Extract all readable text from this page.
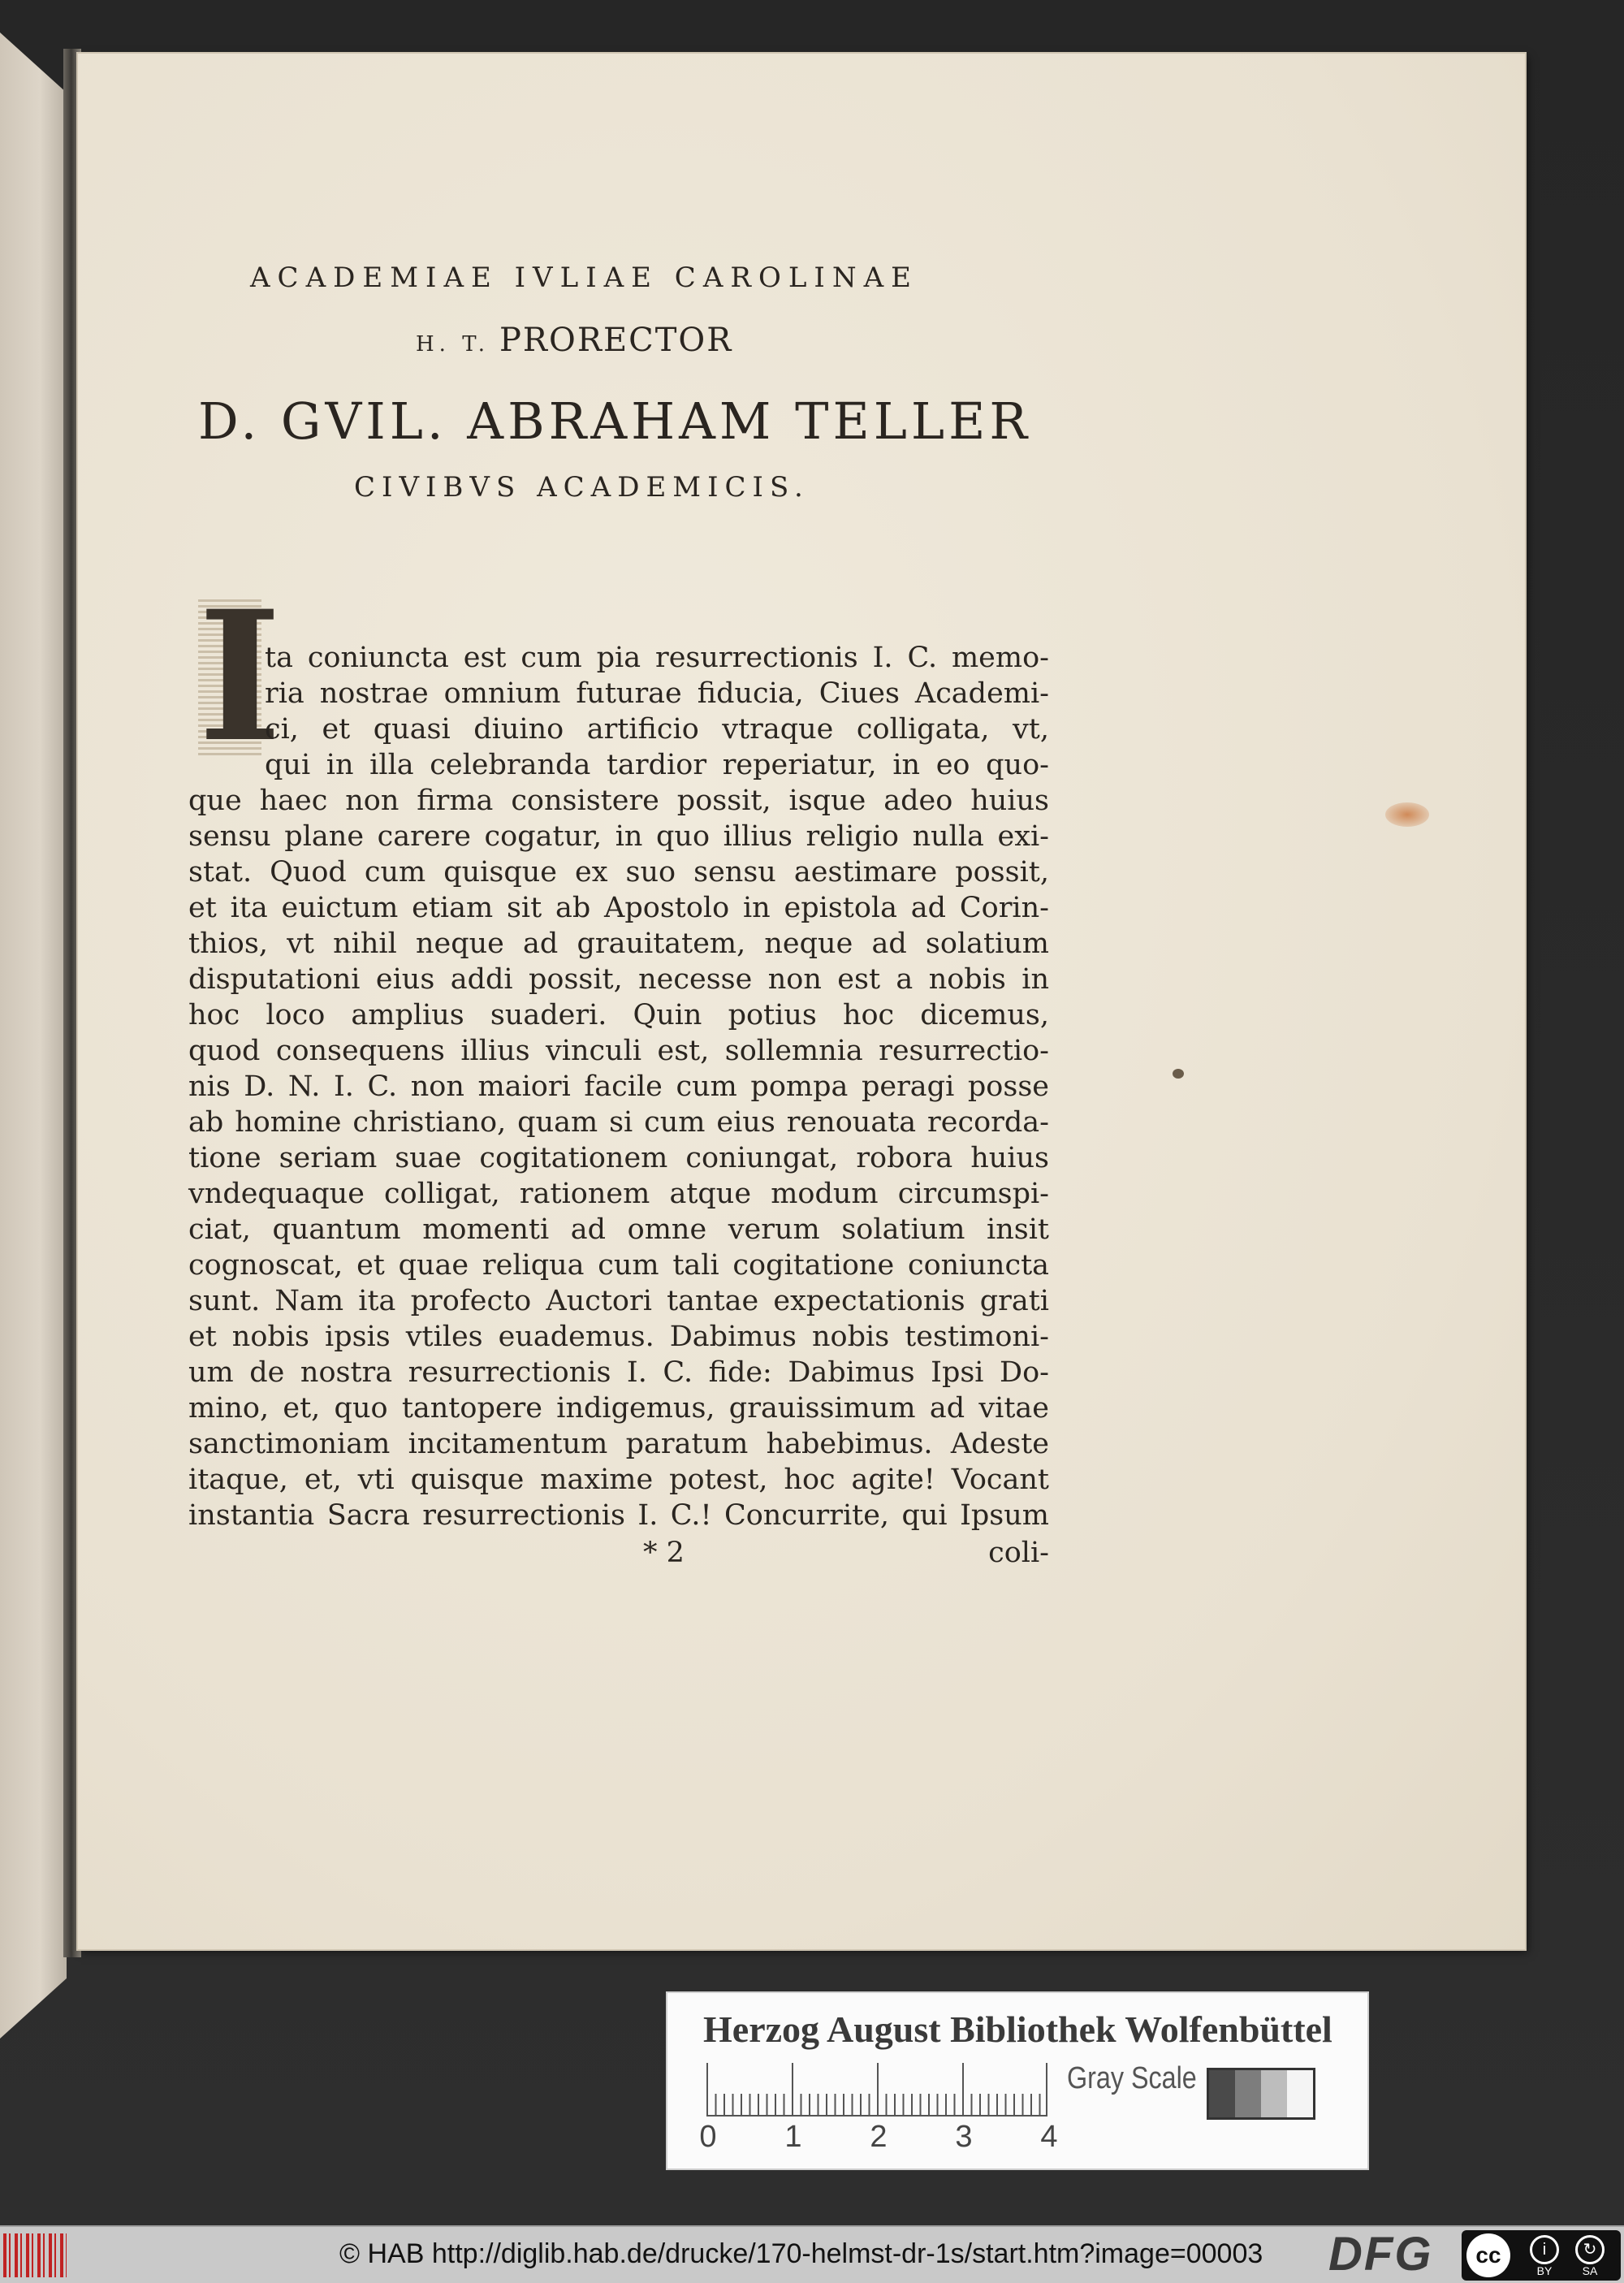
ACADEMIAE IVLIAE CAROLINAE
H. T. PRORECTOR
D. GVIL. ABRAHAM TELLER
CIVIBVS ACADEMICIS.
I
ta coniuncta est cum pia resurrectionis I. C. memo-
ria nostrae omnium futurae fiducia, Ciues Academi-
ci, et quasi diuino artificio vtraque colligata, vt,
qui in illa celebranda tardior reperiatur, in eo quo-
que haec non firma consistere possit, isque adeo huius
sensu plane carere cogatur, in quo illius religio nulla exi-
stat. Quod cum quisque ex suo sensu aestimare possit,
et ita euictum etiam sit ab Apostolo in epistola ad Corin-
thios, vt nihil neque ad grauitatem, neque ad solatium
disputationi eius addi possit, necesse non est a nobis in
hoc loco amplius suaderi. Quin potius hoc dicemus,
quod consequens illius vinculi est, sollemnia resurrectio-
nis D. N. I. C. non maiori facile cum pompa peragi posse
ab homine christiano, quam si cum eius renouata recorda-
tione seriam suae cogitationem coniungat, robora huius
vndequaque colligat, rationem atque modum circumspi-
ciat, quantum momenti ad omne verum solatium insit
cognoscat, et quae reliqua cum tali cogitatione coniuncta
sunt. Nam ita profecto Auctori tantae expectationis grati
et nobis ipsis vtiles euademus. Dabimus nobis testimoni-
um de nostra resurrectionis I. C. fide: Dabimus Ipsi Do-
mino, et, quo tantopere indigemus, grauissimum ad vitae
sanctimoniam incitamentum paratum habebimus. Adeste
itaque, et, vti quisque maxime potest, hoc agite! Vocant
instantia Sacra resurrectionis I. C.! Concurrite, qui Ipsum
* 2	coli-
Herzog August Bibliothek Wolfenbüttel
0 1 2 3 4
Gray Scale
© HAB http://diglib.hab.de/drucke/170-helmst-dr-1s/start.htm?image=00003	DFG	cc	i	↻
BY	SA
